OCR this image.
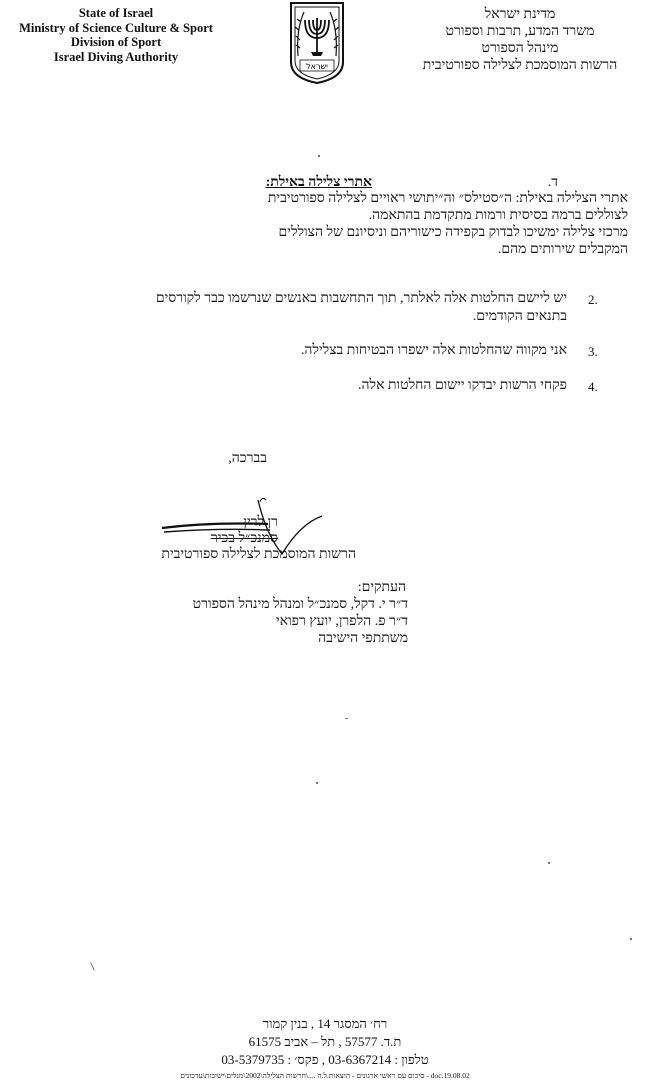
State of Israel
Ministry of Science Culture & Sport
Division of Sport
Israel Diving Authority
ישראל
מדינת ישראל
משרד המדע, תרבות וספורט
מינהל הספורט
הרשות המוסמכת לצלילה ספורטיבית
ד.
אתרי צלילה באילת:
אתרי הצלילה באילת: ה״סטילס״ וה״יתושי ראויים לצלילה ספורטיבית
לצוללים ברמה בסיסית ורמות מתקדמת בהתאמה.
מרכזי צלילה ימשיכו לבדוק בקפידה כישוריהם וניסיונם של הצוללים
המקבלים שירותים מהם.
2.
יש ליישם החלטות אלה לאלתר, תוך התחשבות באנשים שנרשמו כבר לקורסים
בתנאים הקודמים.
3.
אני מקווה שהחלטות אלה ישפרו הבטיחות בצלילה.
4.
פקחי הרשות יבדקו יישום החלטות אלה.
בברכה,
רן לרין
סמנכ״ל בכיר
הרשות המוסמכת לצלילה ספורטיבית
העתקים:
ד״ר י. דקל, סמנכ״ל ומנהל מינהל הספורט
ד״ר פ. הלפרן, יועץ רפואי
משתתפי הישיבה
רח׳ המסגר 14 , בנין קמור
ת.ד. 57577 , תל – אביב 61575
טלפון : 03-6367214 , פקס׳ : 03-5379735
doc.19.08.02 - סיכום עם ראשי ארגונים - הוצאות.ל.ה ....\חרשות הצלילה\2002\מנלים\ישיבות\עדכונים
